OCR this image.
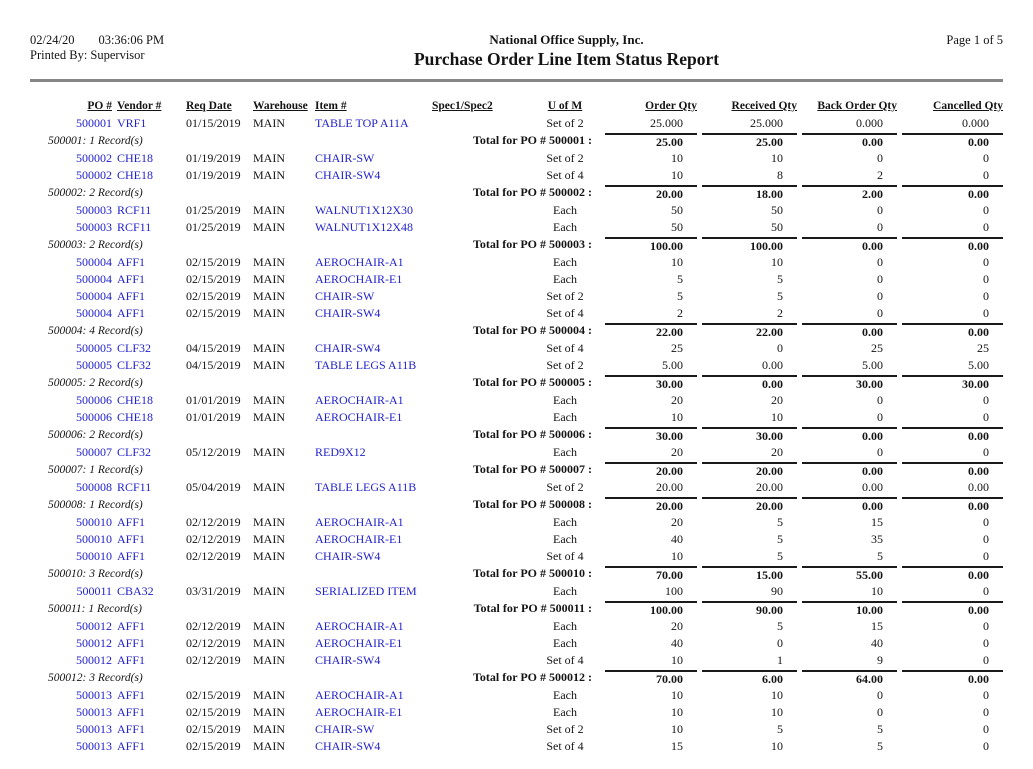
02/24/20 03:36:06 PM
Printed By: Supervisor
National Office Supply, Inc.
Purchase Order Line Item Status Report
Page 1 of 5
PO #	Vendor #	Req Date	Warehouse	Item #	Spec1/Spec2	U of M	Order Qty	Received Qty	Back Order Qty	Cancelled Qty
500001	VRF1	01/15/2019	MAIN	TABLE TOP A11A		Set of 2	25.000	25.000	0.000	0.000

500001: 1 Record(s) Total for PO # 500001 :							25.00	25.00	0.00	0.00

500002	CHE18	01/19/2019	MAIN	CHAIR-SW		Set of 2	10	10	0	0
500002	CHE18	01/19/2019	MAIN	CHAIR-SW4		Set of 4	10	8	2	0

500002: 2 Record(s) Total for PO # 500002 :							20.00	18.00	2.00	0.00

500003	RCF11	01/25/2019	MAIN	WALNUT1X12X30		Each	50	50	0	0
500003	RCF11	01/25/2019	MAIN	WALNUT1X12X48		Each	50	50	0	0

500003: 2 Record(s) Total for PO # 500003 :							100.00	100.00	0.00	0.00

500004	AFF1	02/15/2019	MAIN	AEROCHAIR-A1		Each	10	10	0	0
500004	AFF1	02/15/2019	MAIN	AEROCHAIR-E1		Each	5	5	0	0
500004	AFF1	02/15/2019	MAIN	CHAIR-SW		Set of 2	5	5	0	0
500004	AFF1	02/15/2019	MAIN	CHAIR-SW4		Set of 4	2	2	0	0

500004: 4 Record(s) Total for PO # 500004 :							22.00	22.00	0.00	0.00

500005	CLF32	04/15/2019	MAIN	CHAIR-SW4		Set of 4	25	0	25	25
500005	CLF32	04/15/2019	MAIN	TABLE LEGS A11B		Set of 2	5.00	0.00	5.00	5.00

500005: 2 Record(s) Total for PO # 500005 :							30.00	0.00	30.00	30.00

500006	CHE18	01/01/2019	MAIN	AEROCHAIR-A1		Each	20	20	0	0
500006	CHE18	01/01/2019	MAIN	AEROCHAIR-E1		Each	10	10	0	0

500006: 2 Record(s) Total for PO # 500006 :							30.00	30.00	0.00	0.00

500007	CLF32	05/12/2019	MAIN	RED9X12		Each	20	20	0	0

500007: 1 Record(s) Total for PO # 500007 :							20.00	20.00	0.00	0.00

500008	RCF11	05/04/2019	MAIN	TABLE LEGS A11B		Set of 2	20.00	20.00	0.00	0.00

500008: 1 Record(s) Total for PO # 500008 :							20.00	20.00	0.00	0.00

500010	AFF1	02/12/2019	MAIN	AEROCHAIR-A1		Each	20	5	15	0
500010	AFF1	02/12/2019	MAIN	AEROCHAIR-E1		Each	40	5	35	0
500010	AFF1	02/12/2019	MAIN	CHAIR-SW4		Set of 4	10	5	5	0

500010: 3 Record(s) Total for PO # 500010 :							70.00	15.00	55.00	0.00

500011	CBA32	03/31/2019	MAIN	SERIALIZED ITEM		Each	100	90	10	0

500011: 1 Record(s) Total for PO # 500011 :							100.00	90.00	10.00	0.00

500012	AFF1	02/12/2019	MAIN	AEROCHAIR-A1		Each	20	5	15	0
500012	AFF1	02/12/2019	MAIN	AEROCHAIR-E1		Each	40	0	40	0
500012	AFF1	02/12/2019	MAIN	CHAIR-SW4		Set of 4	10	1	9	0

500012: 3 Record(s) Total for PO # 500012 :							70.00	6.00	64.00	0.00

500013	AFF1	02/15/2019	MAIN	AEROCHAIR-A1		Each	10	10	0	0
500013	AFF1	02/15/2019	MAIN	AEROCHAIR-E1		Each	10	10	0	0
500013	AFF1	02/15/2019	MAIN	CHAIR-SW		Set of 2	10	5	5	0
500013	AFF1	02/15/2019	MAIN	CHAIR-SW4		Set of 4	15	10	5	0
